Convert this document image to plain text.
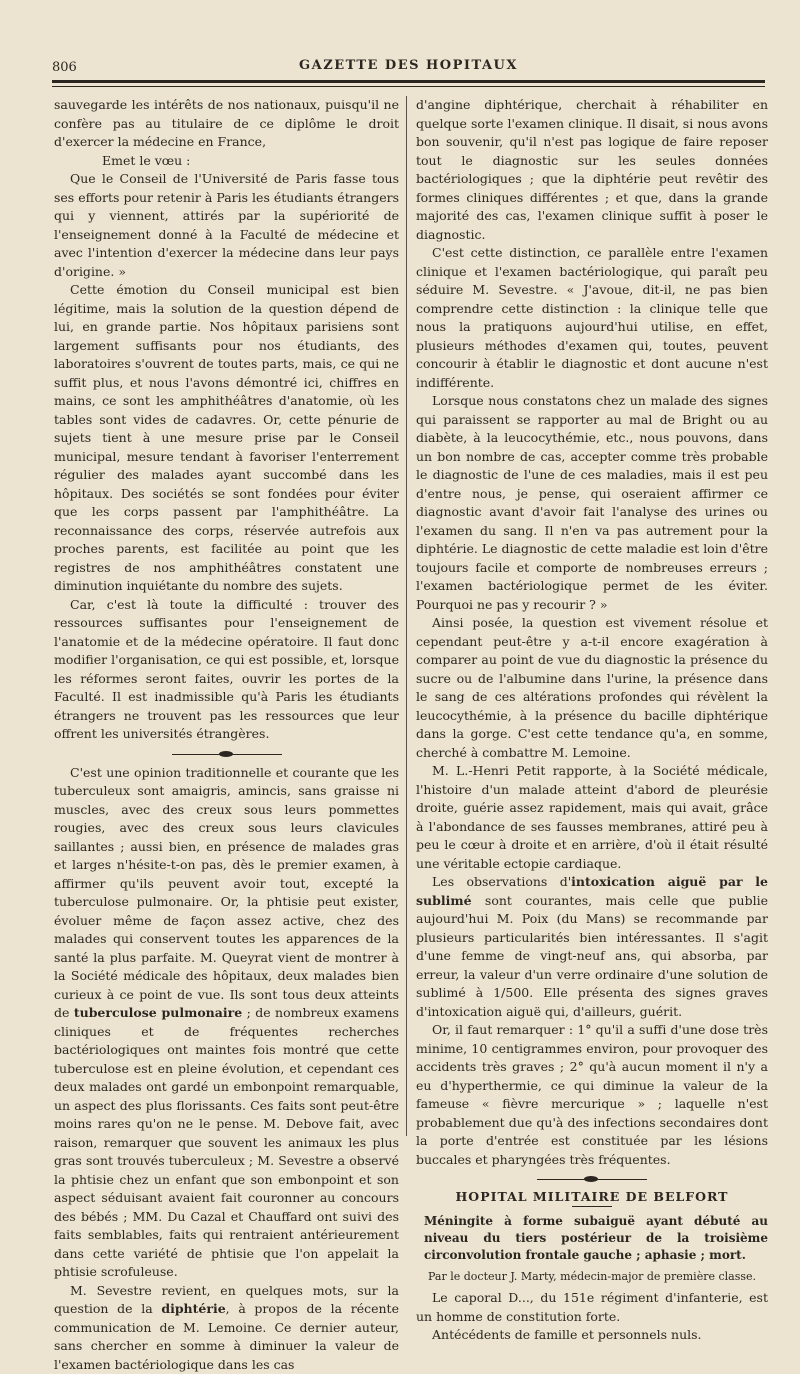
806	GAZETTE DES HOPITAUX

sauvegarde les intérêts de nos nationaux, puisqu'il ne confère pas au titulaire de ce diplôme le droit d'exercer la médecine en France,

Emet le vœu :

Que le Conseil de l'Université de Paris fasse tous ses efforts pour retenir à Paris les étudiants étrangers qui y viennent, attirés par la supériorité de l'enseignement donné à la Faculté de médecine et avec l'intention d'exercer la médecine dans leur pays d'origine. »

Cette émotion du Conseil municipal est bien légitime, mais la solution de la question dépend de lui, en grande partie. Nos hôpitaux parisiens sont largement suffisants pour nos étudiants, des laboratoires s'ouvrent de toutes parts, mais, ce qui ne suffit plus, et nous l'avons démontré ici, chiffres en mains, ce sont les amphithéâtres d'anatomie, où les tables sont vides de cadavres. Or, cette pénurie de sujets tient à une mesure prise par le Conseil municipal, mesure tendant à favoriser l'enterrement régulier des malades ayant succombé dans les hôpitaux. Des sociétés se sont fondées pour éviter que les corps passent par l'amphithéâtre. La reconnaissance des corps, réservée autrefois aux proches parents, est facilitée au point que les registres de nos amphithéâtres constatent une diminution inquiétante du nombre des sujets.

Car, c'est là toute la difficulté : trouver des ressources suffisantes pour l'enseignement de l'anatomie et de la médecine opératoire. Il faut donc modifier l'organisation, ce qui est possible, et, lorsque les réformes seront faites, ouvrir les portes de la Faculté. Il est inadmissible qu'à Paris les étudiants étrangers ne trouvent pas les ressources que leur offrent les universités étrangères.

C'est une opinion traditionnelle et courante que les tuberculeux sont amaigris, amincis, sans graisse ni muscles, avec des creux sous leurs pommettes rougies, avec des creux sous leurs clavicules saillantes ; aussi bien, en présence de malades gras et larges n'hésite-t-on pas, dès le premier examen, à affirmer qu'ils peuvent avoir tout, excepté la tuberculose pulmonaire. Or, la phtisie peut exister, évoluer même de façon assez active, chez des malades qui conservent toutes les apparences de la santé la plus parfaite. M. Queyrat vient de montrer à la Société médicale des hôpitaux, deux malades bien curieux à ce point de vue. Ils sont tous deux atteints de tuberculose pulmonaire ; de nombreux examens cliniques et de fréquentes recherches bactériologiques ont maintes fois montré que cette tuberculose est en pleine évolution, et cependant ces deux malades ont gardé un embonpoint remarquable, un aspect des plus florissants. Ces faits sont peut-être moins rares qu'on ne le pense. M. Debove fait, avec raison, remarquer que souvent les animaux les plus gras sont trouvés tuberculeux ; M. Sevestre a observé la phtisie chez un enfant que son embonpoint et son aspect séduisant avaient fait couronner au concours des bébés ; MM. Du Cazal et Chauffard ont suivi des faits semblables, faits qui rentraient antérieurement dans cette variété de phtisie que l'on appelait la phtisie scrofuleuse.

M. Sevestre revient, en quelques mots, sur la question de la diphtérie, à propos de la récente communication de M. Lemoine. Ce dernier auteur, sans chercher en somme à diminuer la valeur de l'examen bactériologique dans les cas

d'angine diphtérique, cherchait à réhabiliter en quelque sorte l'examen clinique. Il disait, si nous avons bon souvenir, qu'il n'est pas logique de faire reposer tout le diagnostic sur les seules données bactériologiques ; que la diphtérie peut revêtir des formes cliniques différentes ; et que, dans la grande majorité des cas, l'examen clinique suffit à poser le diagnostic.

C'est cette distinction, ce parallèle entre l'examen clinique et l'examen bactériologique, qui paraît peu séduire M. Sevestre. « J'avoue, dit-il, ne pas bien comprendre cette distinction : la clinique telle que nous la pratiquons aujourd'hui utilise, en effet, plusieurs méthodes d'examen qui, toutes, peuvent concourir à établir le diagnostic et dont aucune n'est indifférente.

Lorsque nous constatons chez un malade des signes qui paraissent se rapporter au mal de Bright ou au diabète, à la leucocythémie, etc., nous pouvons, dans un bon nombre de cas, accepter comme très probable le diagnostic de l'une de ces maladies, mais il est peu d'entre nous, je pense, qui oseraient affirmer ce diagnostic avant d'avoir fait l'analyse des urines ou l'examen du sang. Il n'en va pas autrement pour la diphtérie. Le diagnostic de cette maladie est loin d'être toujours facile et comporte de nombreuses erreurs ; l'examen bactériologique permet de les éviter. Pourquoi ne pas y recourir ? »

Ainsi posée, la question est vivement résolue et cependant peut-être y a-t-il encore exagération à comparer au point de vue du diagnostic la présence du sucre ou de l'albumine dans l'urine, la présence dans le sang de ces altérations profondes qui révèlent la leucocythémie, à la présence du bacille diphtérique dans la gorge. C'est cette tendance qu'a, en somme, cherché à combattre M. Lemoine.

M. L.-Henri Petit rapporte, à la Société médicale, l'histoire d'un malade atteint d'abord de pleurésie droite, guérie assez rapidement, mais qui avait, grâce à l'abondance de ses fausses membranes, attiré peu à peu le cœur à droite et en arrière, d'où il était résulté une véritable ectopie cardiaque.

Les observations d'intoxication aiguë par le sublimé sont courantes, mais celle que publie aujourd'hui M. Poix (du Mans) se recommande par plusieurs particularités bien intéressantes. Il s'agit d'une femme de vingt-neuf ans, qui absorba, par erreur, la valeur d'un verre ordinaire d'une solution de sublimé à 1/500. Elle présenta des signes graves d'intoxication aiguë qui, d'ailleurs, guérit.

Or, il faut remarquer : 1° qu'il a suffi d'une dose très minime, 10 centigrammes environ, pour provoquer des accidents très graves ; 2° qu'à aucun moment il n'y a eu d'hyperthermie, ce qui diminue la valeur de la fameuse « fièvre mercurique » ; laquelle n'est probablement due qu'à des infections secondaires dont la porte d'entrée est constituée par les lésions buccales et pharyngées très fréquentes.

HOPITAL MILITAIRE DE BELFORT

Méningite à forme subaiguë ayant débuté au niveau du tiers postérieur de la troisième circonvolution frontale gauche ; aphasie ; mort.

Par le docteur J. Marty, médecin-major de première classe.

Le caporal D..., du 151e régiment d'infanterie, est un homme de constitution forte.

Antécédents de famille et personnels nuls.
